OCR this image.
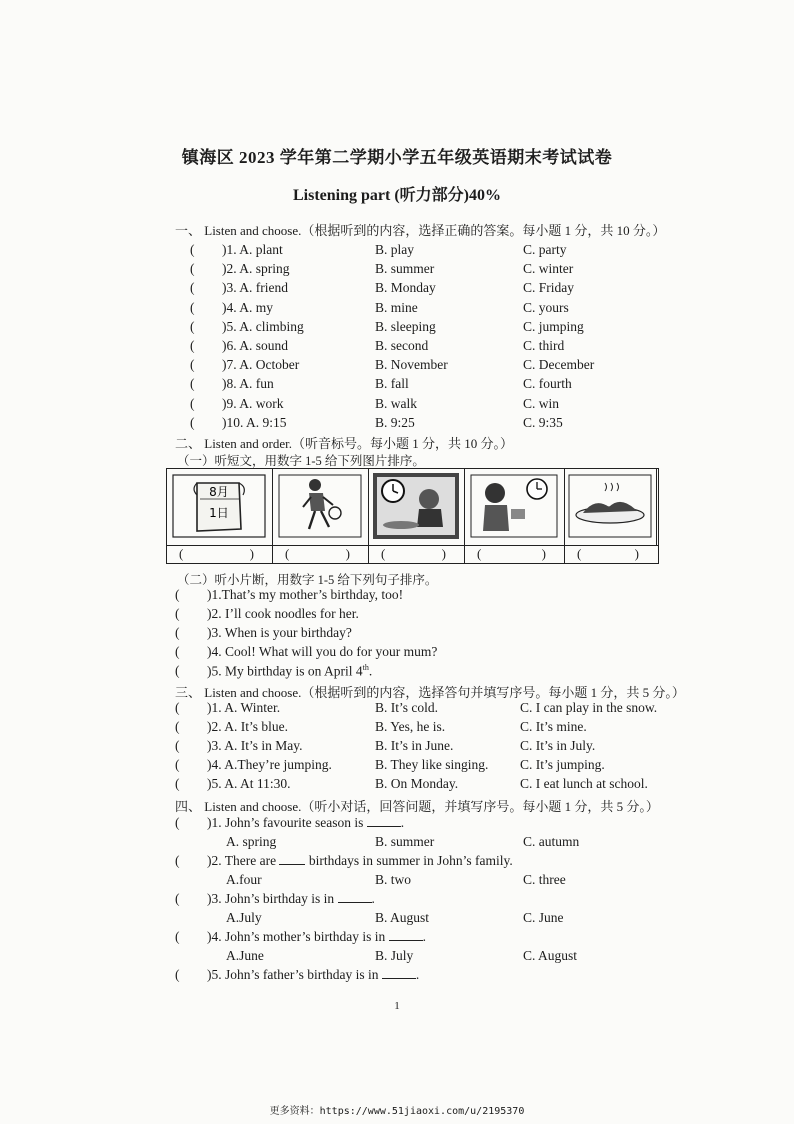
镇海区 2023 学年第二学期小学五年级英语期末考试试卷
Listening part (听力部分)40%
一、 Listen and choose.（根据听到的内容，选择正确的答案。每小题 1 分，共 10 分。）
( )1. A. plant	B. play	C. party
( )2. A. spring	B. summer	C. winter
( )3. A. friend	B. Monday	C. Friday
( )4. A. my	B. mine	C. yours
( )5. A. climbing	B. sleeping	C. jumping
( )6. A. sound	B. second	C. third
( )7. A. October	B. November	C. December
( )8. A. fun	B. fall	C. fourth
( )9. A. work	B. walk	C. win
( )10. A. 9:15	B. 9:25	C. 9:35
二、 Listen and order.（听音标号。每小题 1 分，共 10 分。）
（一）听短文，用数字 1-5 给下列图片排序。
8月
1日
(	) (	) (	) (	) (	)
（二）听小片断，用数字 1-5 给下列句子排序。
( )1.That’s my mother’s birthday, too!
( )2. I’ll cook noodles for her.
( )3. When is your birthday?
( )4. Cool! What will you do for your mum?
( )5. My birthday is on April 4th.
三、 Listen and choose.（根据听到的内容，选择答句并填写序号。每小题 1 分，共 5 分。）
( )1. A. Winter.	B. It’s cold.	C. I can play in the snow.
( )2. A. It’s blue.	B. Yes, he is.	C. It’s mine.
( )3. A. It’s in May.	B. It’s in June.	C. It’s in July.
( )4. A.They’re jumping.	B. They like singing. C. It’s jumping.
( )5. A. At 11:30.	B. On Monday.	C. I eat lunch at school.
四、 Listen and choose.（听小对话，回答问题，并填写序号。每小题 1 分，共 5 分。）
( )1. John’s favourite season is	.
A. spring	B. summer	C. autumn
( )2. There are birthdays in summer in John’s family.
A.four	B. two	C. three
( )3. John’s birthday is in	.
A.July	B. August	C. June
( )4. John’s mother’s birthday is in	.
A.June	B. July	C. August
( )5. John’s father’s birthday is in	.
1
更多资料：https://www.51jiaoxi.com/u/2195370
